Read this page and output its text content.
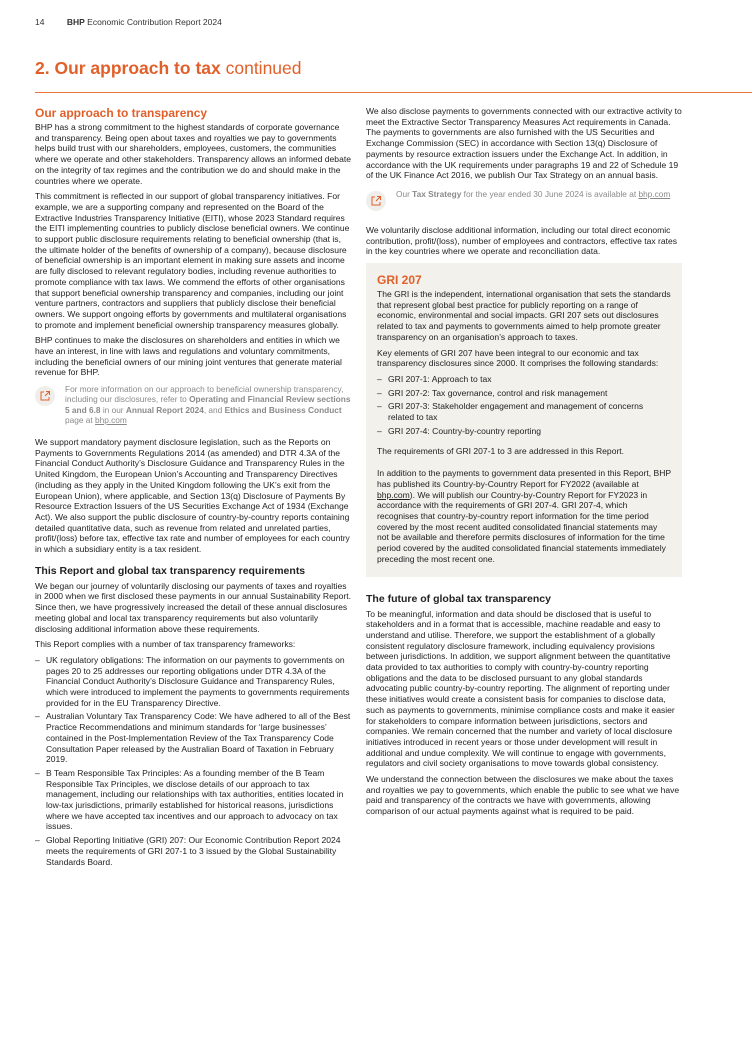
14	BHP Economic Contribution Report 2024
2. Our approach to tax continued
Our approach to transparency

BHP has a strong commitment to the highest standards of corporate governance and transparency. Being open about taxes and royalties we pay to governments helps build trust with our shareholders, employees, customers, the communities where we operate and other stakeholders. Transparency allows an informed debate on the integrity of tax regimes and the contribution we do and should make in the countries where we operate.

This commitment is reflected in our support of global transparency initiatives. For example, we are a supporting company and represented on the Board of the Extractive Industries Transparency Initiative (EITI), whose 2023 Standard requires the EITI implementing countries to publicly disclose beneficial owners. We continue to support public disclosure requirements relating to beneficial ownership (that is, the ultimate holder of the benefits of ownership of a company), because disclosure of beneficial ownership is an important element in making sure assets and income are fully disclosed to relevant regulatory bodies, including revenue authorities to promote compliance with tax laws. We commend the efforts of other organisations that support beneficial ownership transparency and companies, including our joint venture partners, contractors and suppliers that publicly disclose their beneficial owners. We support ongoing efforts by governments and multilateral organisations to promote and implement beneficial ownership transparency measures globally.

BHP continues to make the disclosures on shareholders and entities in which we have an interest, in line with laws and regulations and voluntary commitments, including the beneficial owners of our mining joint ventures that generate material revenue for BHP.

For more information on our approach to beneficial ownership transparency, including our disclosures, refer to Operating and Financial Review sections 5 and 6.8 in our Annual Report 2024, and Ethics and Business Conduct page at bhp.com

We support mandatory payment disclosure legislation, such as the Reports on Payments to Governments Regulations 2014 (as amended) and DTR 4.3A of the Financial Conduct Authority’s Disclosure Guidance and Transparency Rules in the United Kingdom, the European Union’s Accounting and Transparency Directives (including as they apply in the United Kingdom following the UK’s exit from the European Union), where applicable, and Section 13(q) Disclosure of Payments By Resource Extraction Issuers of the US Securities Exchange Act of 1934 (Exchange Act). We also support the public disclosure of country-by-country reports containing detailed quantitative data, such as revenue from related and unrelated parties, profit/(loss) before tax, effective tax rate and number of employees for each country in which a subsidiary entity is a tax resident.

This Report and global tax transparency requirements

We began our journey of voluntarily disclosing our payments of taxes and royalties in 2000 when we first disclosed these payments in our annual Sustainability Report. Since then, we have progressively increased the detail of these annual disclosures meeting global and local tax transparency requirements but also voluntarily disclosing additional information above these requirements.

This Report complies with a number of tax transparency frameworks:

– UK regulatory obligations: The information on our payments to governments on pages 20 to 25 addresses our reporting obligations under DTR 4.3A of the Financial Conduct Authority’s Disclosure Guidance and Transparency Rules, which were introduced to implement the payments to governments requirements provided for in the EU Transparency Directive.
– Australian Voluntary Tax Transparency Code: We have adhered to all of the Best Practice Recommendations and minimum standards for ‘large businesses’ contained in the Post-Implementation Review of the Tax Transparency Code Consultation Paper released by the Australian Board of Taxation in February 2019.
– B Team Responsible Tax Principles: As a founding member of the B Team Responsible Tax Principles, we disclose details of our approach to tax management, including our relationships with tax authorities, entities located in low-tax jurisdictions, primarily established for historical reasons, jurisdictions where we have accepted tax incentives and our approach to advocacy on tax issues.
– Global Reporting Initiative (GRI) 207: Our Economic Contribution Report 2024 meets the requirements of GRI 207-1 to 3 issued by the Global Sustainability Standards Board.

We also disclose payments to governments connected with our extractive activity to meet the Extractive Sector Transparency Measures Act requirements in Canada. The payments to governments are also furnished with the US Securities and Exchange Commission (SEC) in accordance with Section 13(q) Disclosure of payments by resource extraction issuers under the Exchange Act. In addition, in accordance with the UK requirements under paragraphs 19 and 22 of Schedule 19 of the UK Finance Act 2016, we publish Our Tax Strategy on an annual basis.

Our Tax Strategy for the year ended 30 June 2024 is available at bhp.com

We voluntarily disclose additional information, including our total direct economic contribution, profit/(loss), number of employees and contractors, effective tax rates in the key countries where we operate and reconciliation data.

GRI 207

The GRI is the independent, international organisation that sets the standards that represent global best practice for publicly reporting on a range of economic, environmental and social impacts. GRI 207 sets out disclosures related to tax and payments to governments aimed to help promote greater transparency on an organisation’s approach to taxes.

Key elements of GRI 207 have been integral to our economic and tax transparency disclosures since 2000. It comprises the following standards:

– GRI 207-1: Approach to tax
– GRI 207-2: Tax governance, control and risk management
– GRI 207-3: Stakeholder engagement and management of concerns related to tax
– GRI 207-4: Country-by-country reporting

The requirements of GRI 207-1 to 3 are addressed in this Report.

In addition to the payments to government data presented in this Report, BHP has published its Country-by-Country Report for FY2022 (available at bhp.com). We will publish our Country-by-Country Report for FY2023 in accordance with the requirements of GRI 207-4. GRI 207-4, which recognises that country-by-country report information for the time period covered by the most recent audited consolidated financial statements may not be available and therefore permits disclosures of information for the time period covered by the audited consolidated financial statements immediately preceding the most recent one.

The future of global tax transparency

To be meaningful, information and data should be disclosed that is useful to stakeholders and in a format that is accessible, machine readable and easy to understand and utilise. Therefore, we support the establishment of a globally consistent regulatory disclosure framework, including equivalency provisions between jurisdictions. In addition, we support alignment between the quantitative data provided to tax authorities to comply with country-by-country reporting obligations and the data to be disclosed pursuant to any global standards advocating public country-by-country reporting. The alignment of reporting under these initiatives would create a consistent basis for companies to disclose data, such as payments to governments, minimise compliance costs and make it easier for stakeholders to compare information between jurisdictions, sectors and companies. We remain concerned that the number and variety of local disclosure initiatives introduced in recent years or those under development will result in additional and undue complexity. We will continue to engage with governments, regulators and civil society organisations to move towards global consistency.

We understand the connection between the disclosures we make about the taxes and royalties we pay to governments, which enable the public to see what we have paid and transparency of the contracts we have with governments, allowing comparison of our actual payments against what is required to be paid.
